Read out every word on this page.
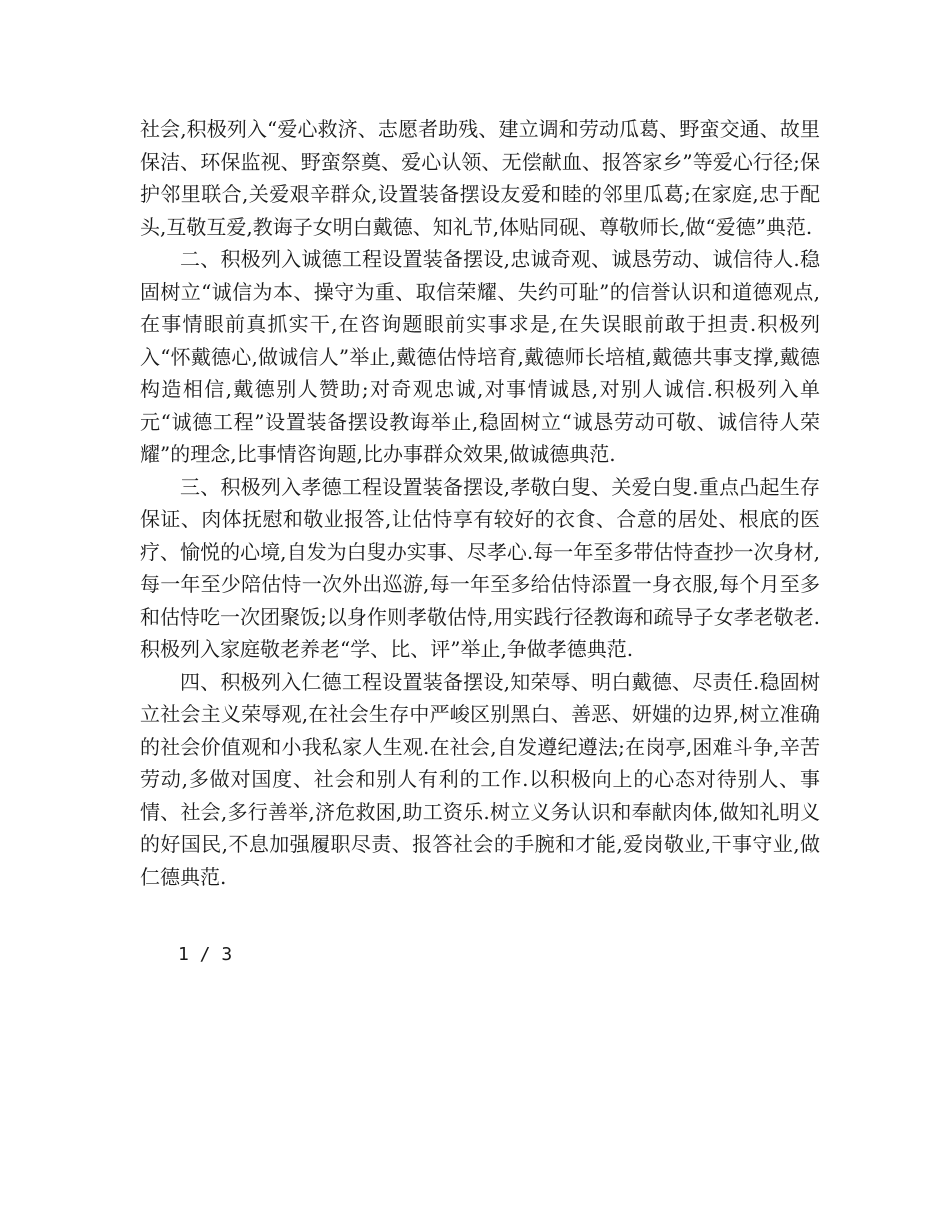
社会,积极列入“爱心救济、志愿者助残、建立调和劳动瓜葛、野蛮交通、故里保洁、环保监视、野蛮祭奠、爱心认领、无偿献血、报答家乡”等爱心行径;保护邻里联合,关爱艰辛群众,设置装备摆设友爱和睦的邻里瓜葛;在家庭,忠于配头,互敬互爱,教诲子女明白戴德、知礼节,体贴同砚、尊敬师长,做“爱德”典范.

二、积极列入诚德工程设置装备摆设,忠诚奇观、诚恳劳动、诚信待人.稳固树立“诚信为本、操守为重、取信荣耀、失约可耻”的信誉认识和道德观点,在事情眼前真抓实干,在咨询题眼前实事求是,在失误眼前敢于担责.积极列入“怀戴德心,做诚信人”举止,戴德估恃培育,戴德师长培植,戴德共事支撑,戴德构造相信,戴德别人赞助;对奇观忠诚,对事情诚恳,对别人诚信.积极列入单元“诚德工程”设置装备摆设教诲举止,稳固树立“诚恳劳动可敬、诚信待人荣耀”的理念,比事情咨询题,比办事群众效果,做诚德典范.

三、积极列入孝德工程设置装备摆设,孝敬白叟、关爱白叟.重点凸起生存保证、肉体抚慰和敬业报答,让估恃享有较好的衣食、合意的居处、根底的医疗、愉悦的心境,自发为白叟办实事、尽孝心.每一年至多带估恃查抄一次身材,每一年至少陪估恃一次外出巡游,每一年至多给估恃添置一身衣服,每个月至多和估恃吃一次团聚饭;以身作则孝敬估恃,用实践行径教诲和疏导子女孝老敬老.积极列入家庭敬老养老“学、比、评”举止,争做孝德典范.

四、积极列入仁德工程设置装备摆设,知荣辱、明白戴德、尽责任.稳固树立社会主义荣辱观,在社会生存中严峻区别黑白、善恶、妍媸的边界,树立准确的社会价值观和小我私家人生观.在社会,自发遵纪遵法;在岗亭,困难斗争,辛苦劳动,多做对国度、社会和别人有利的工作.以积极向上的心态对待别人、事情、社会,多行善举,济危救困,助工资乐.树立义务认识和奉献肉体,做知礼明义的好国民,不息加强履职尽责、报答社会的手腕和才能,爱岗敬业,干事守业,做仁德典范.

1 / 3
